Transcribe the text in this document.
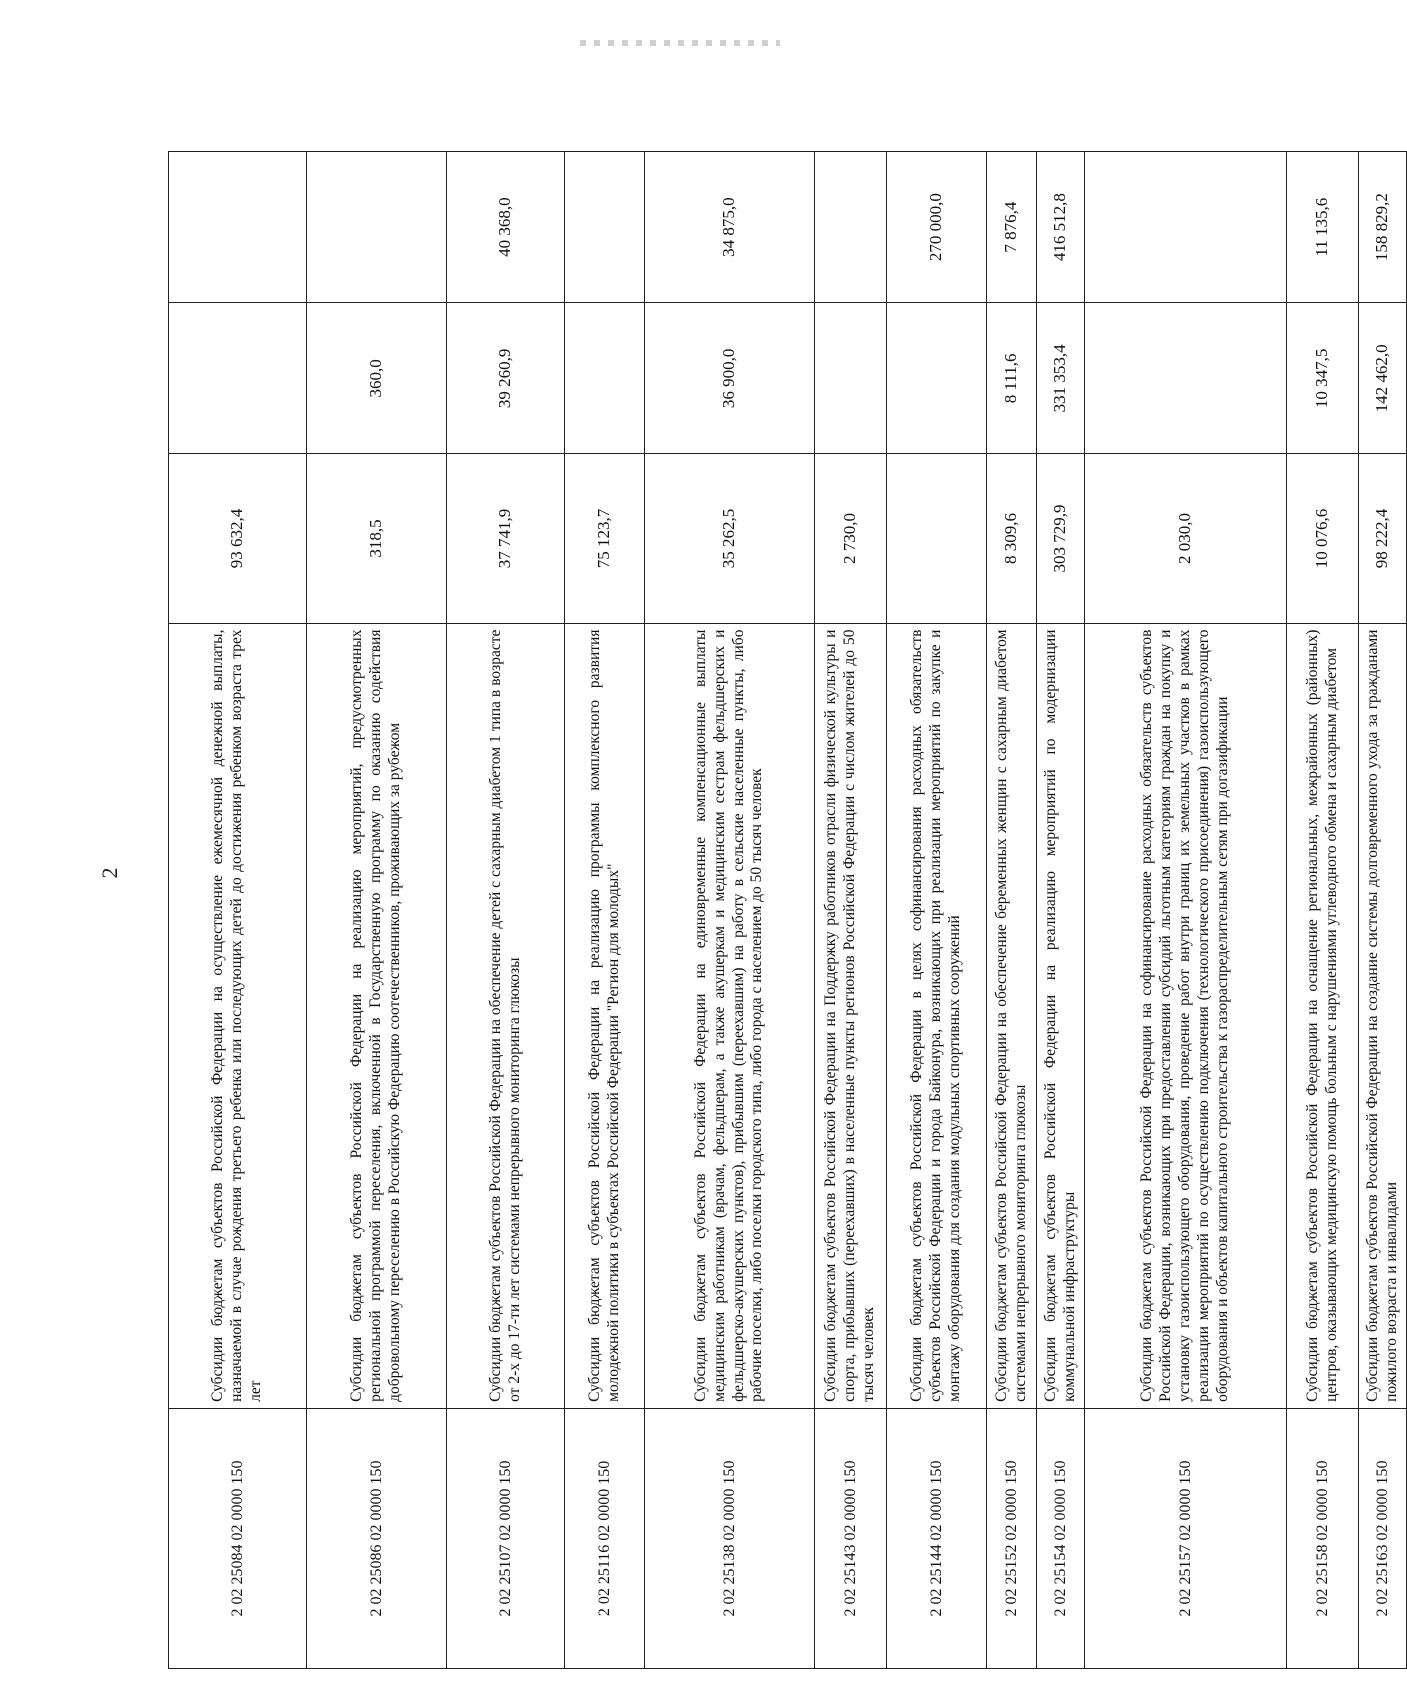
2
2 02 25084 02 0000 150	Субсидии бюджетам субъектов Российской Федерации на осуществление ежемесячной денежной выплаты, назначаемой в случае рождения третьего ребенка или последующих детей до достижения ребенком возраста трех лет	93 632,4		
2 02 25086 02 0000 150	Субсидии бюджетам субъектов Российской Федерации на реализацию мероприятий, предусмотренных региональной программой переселения, включенной в Государственную программу по оказанию содействия добровольному переселению в Российскую Федерацию соотечественников, проживающих за рубежом	318,5	360,0	
2 02 25107 02 0000 150	Субсидии бюджетам субъектов Российской Федерации на обеспечение детей с сахарным диабетом 1 типа в возрасте от 2-х до 17-ти лет системами непрерывного мониторинга глюкозы	37 741,9	39 260,9	40 368,0
2 02 25116 02 0000 150	Субсидии бюджетам субъектов Российской Федерации на реализацию программы комплексного развития молодежной политики в субъектах Российской Федерации "Регион для молодых"	75 123,7		
2 02 25138 02 0000 150	Субсидии бюджетам субъектов Российской Федерации на единовременные компенсационные выплаты медицинским работникам (врачам, фельдшерам, а также акушеркам и медицинским сестрам фельдшерских и фельдшерско-акушерских пунктов), прибывшим (переехавшим) на работу в сельские населенные пункты, либо рабочие поселки, либо поселки городского типа, либо города с населением до 50 тысяч человек	35 262,5	36 900,0	34 875,0
2 02 25143 02 0000 150	Субсидии бюджетам субъектов Российской Федерации на Поддержку работников отрасли физической культуры и спорта, прибывших (переехавших) в населенные пункты регионов Российской Федерации с числом жителей до 50 тысяч человек	2 730,0		
2 02 25144 02 0000 150	Субсидии бюджетам субъектов Российской Федерации в целях софинансирования расходных обязательств субъектов Российской Федерации и города Байконура, возникающих при реализации мероприятий по закупке и монтажу оборудования для создания модульных спортивных сооружений			270 000,0
2 02 25152 02 0000 150	Субсидии бюджетам субъектов Российской Федерации на обеспечение беременных женщин с сахарным диабетом системами непрерывного мониторинга глюкозы	8 309,6	8 111,6	7 876,4
2 02 25154 02 0000 150	Субсидии бюджетам субъектов Российской Федерации на реализацию мероприятий по модернизации коммунальной инфраструктуры	303 729,9	331 353,4	416 512,8
2 02 25157 02 0000 150	Субсидии бюджетам субъектов Российской Федерации на софинансирование расходных обязательств субъектов Российской Федерации, возникающих при предоставлении субсидий льготным категориям граждан на покупку и установку газоиспользующего оборудования, проведение работ внутри границ их земельных участков в рамках реализации мероприятий по осуществлению подключения (технологического присоединения) газоиспользующего оборудования и объектов капитального строительства к газораспределительным сетям при догазификации	2 030,0		
2 02 25158 02 0000 150	Субсидии бюджетам субъектов Российской Федерации на оснащение региональных, межрайонных (районных) центров, оказывающих медицинскую помощь больным с нарушениями углеводного обмена и сахарным диабетом	10 076,6	10 347,5	11 135,6
2 02 25163 02 0000 150	Субсидии бюджетам субъектов Российской Федерации на создание системы долговременного ухода за гражданами пожилого возраста и инвалидами	98 222,4	142 462,0	158 829,2
